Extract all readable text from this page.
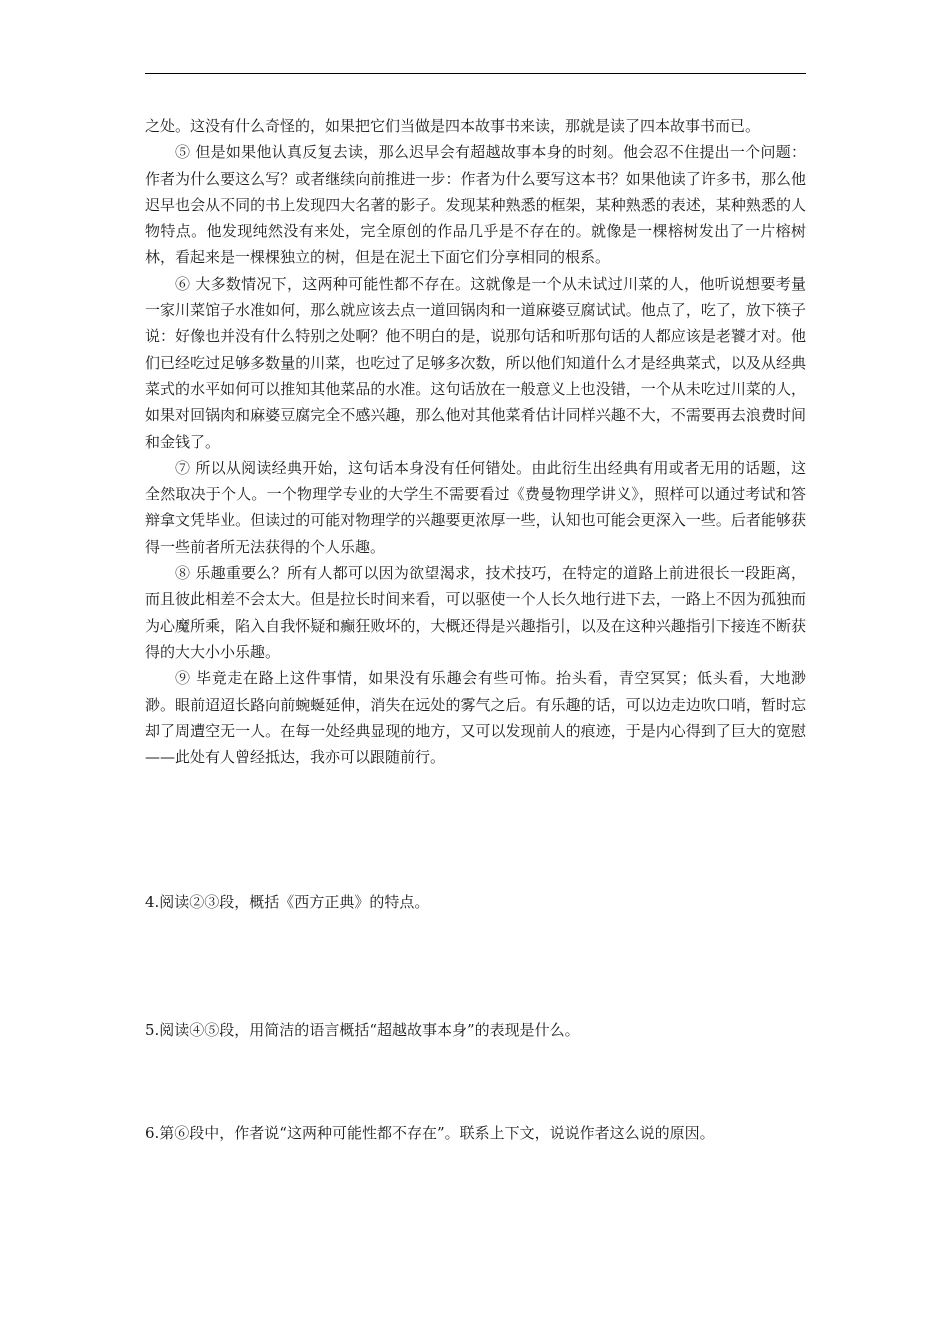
之处。这没有什么奇怪的，如果把它们当做是四本故事书来读，那就是读了四本故事书而已。

⑤ 但是如果他认真反复去读，那么迟早会有超越故事本身的时刻。他会忍不住提出一个问题：作者为什么要这么写？或者继续向前推进一步：作者为什么要写这本书？如果他读了许多书，那么他迟早也会从不同的书上发现四大名著的影子。发现某种熟悉的框架，某种熟悉的表述，某种熟悉的人物特点。他发现纯然没有来处，完全原创的作品几乎是不存在的。就像是一棵榕树发出了一片榕树林，看起来是一棵棵独立的树，但是在泥土下面它们分享相同的根系。

⑥ 大多数情况下，这两种可能性都不存在。这就像是一个从未试过川菜的人，他听说想要考量一家川菜馆子水准如何，那么就应该去点一道回锅肉和一道麻婆豆腐试试。他点了，吃了，放下筷子说：好像也并没有什么特别之处啊？他不明白的是，说那句话和听那句话的人都应该是老饕才对。他们已经吃过足够多数量的川菜，也吃过了足够多次数，所以他们知道什么才是经典菜式，以及从经典菜式的水平如何可以推知其他菜品的水准。这句话放在一般意义上也没错，一个从未吃过川菜的人，如果对回锅肉和麻婆豆腐完全不感兴趣，那么他对其他菜肴估计同样兴趣不大，不需要再去浪费时间和金钱了。

⑦ 所以从阅读经典开始，这句话本身没有任何错处。由此衍生出经典有用或者无用的话题，这全然取决于个人。一个物理学专业的大学生不需要看过《费曼物理学讲义》，照样可以通过考试和答辩拿文凭毕业。但读过的可能对物理学的兴趣要更浓厚一些，认知也可能会更深入一些。后者能够获得一些前者所无法获得的个人乐趣。

⑧ 乐趣重要么？所有人都可以因为欲望渴求，技术技巧，在特定的道路上前进很长一段距离，而且彼此相差不会太大。但是拉长时间来看，可以驱使一个人长久地行进下去，一路上不因为孤独而为心魔所乘，陷入自我怀疑和癫狂败坏的，大概还得是兴趣指引，以及在这种兴趣指引下接连不断获得的大大小小乐趣。

⑨ 毕竟走在路上这件事情，如果没有乐趣会有些可怖。抬头看，青空冥冥；低头看，大地渺渺。眼前迢迢长路向前蜿蜒延伸，消失在远处的雾气之后。有乐趣的话，可以边走边吹口哨，暂时忘却了周遭空无一人。在每一处经典显现的地方，又可以发现前人的痕迹，于是内心得到了巨大的宽慰——此处有人曾经抵达，我亦可以跟随前行。

4.阅读②③段，概括《西方正典》的特点。

5.阅读④⑤段，用简洁的语言概括“超越故事本身”的表现是什么。

6.第⑥段中，作者说“这两种可能性都不存在”。联系上下文，说说作者这么说的原因。
